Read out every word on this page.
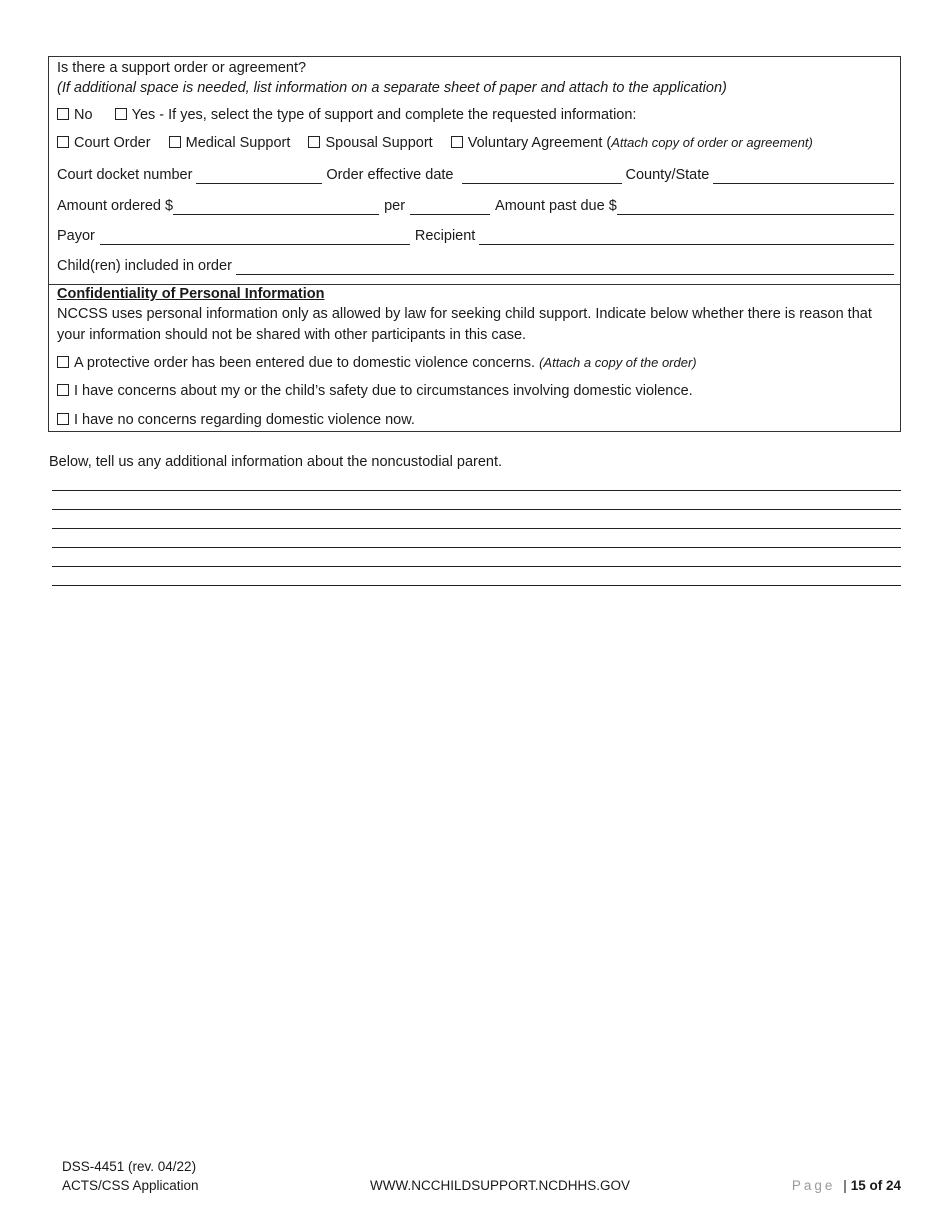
Is there a support order or agreement?
(If additional space is needed, list information on a separate sheet of paper and attach to the application)
No	Yes - If yes, select the type of support and complete the requested information:
Court Order Medical Support Spousal Support Voluntary Agreement (Attach copy of order or agreement)
Court docket number	Order effective date	County/State
Amount ordered $	per	Amount past due $
Payor	Recipient
Child(ren) included in order
Confidentiality of Personal Information
NCCSS uses personal information only as allowed by law for seeking child support. Indicate below whether there is reason that your information should not be shared with other participants in this case.
A protective order has been entered due to domestic violence concerns. (Attach a copy of the order)
I have concerns about my or the child’s safety due to circumstances involving domestic violence.
I have no concerns regarding domestic violence now.
Below, tell us any additional information about the noncustodial parent.
DSS-4451 (rev. 04/22)
ACTS/CSS Application	WWW.NCCHILDSUPPORT.NCDHHS.GOV	Page | 15 of 24
